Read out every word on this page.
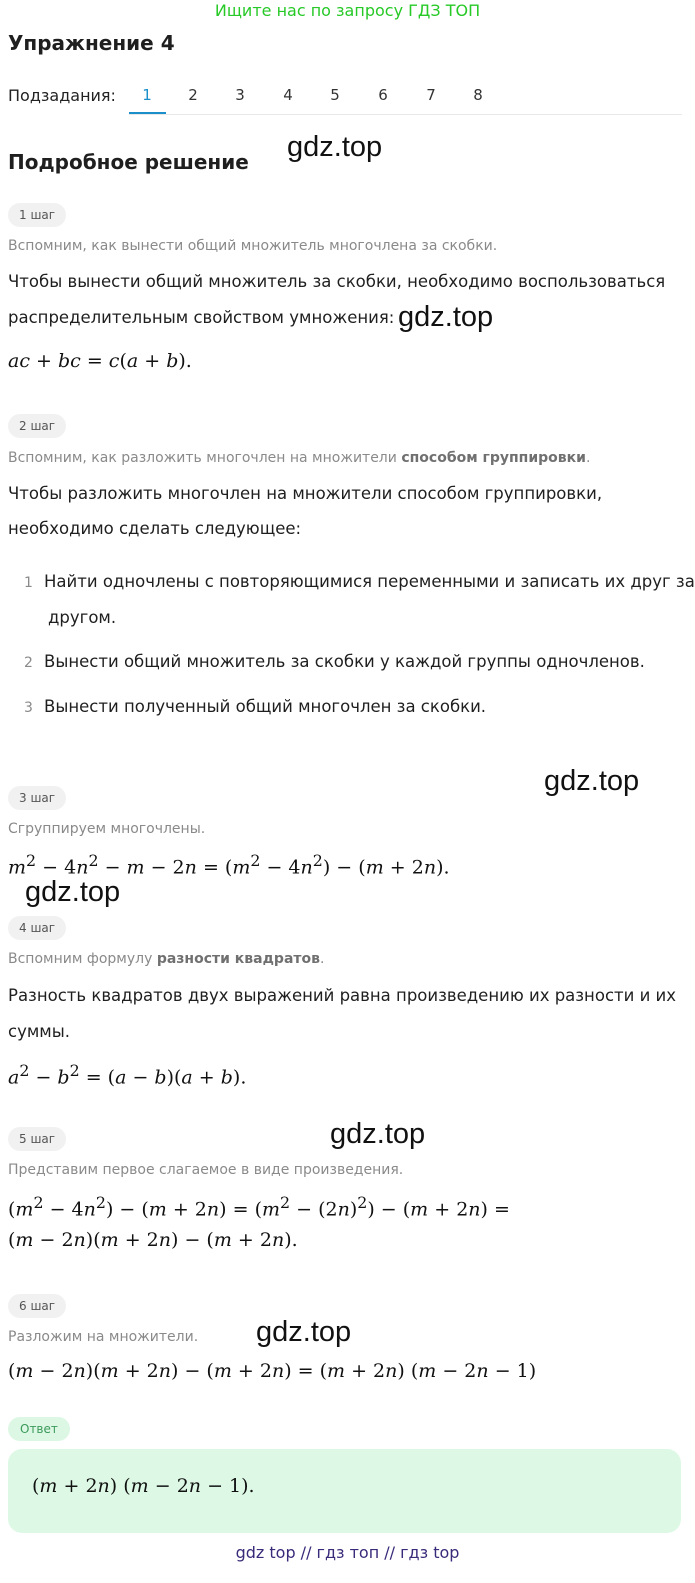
Ищите нас по запросу ГДЗ ТОП
Упражнение 4
Подзадания:	1	2	3	4	5	6	7	8
Подробное решение gdz.top
gdz.top
gdz.top
gdz.top
gdz.top
gdz.top
1 шаг
Вспомним, как вынести общий множитель многочлена за скобки.
Чтобы вынести общий множитель за скобки, необходимо воспользоваться
распределительным свойством умножения:
ac + bc = c(a + b).
2 шаг
Вспомним, как разложить многочлен на множители способом группировки.
Чтобы разложить многочлен на множители способом группировки,
необходимо сделать следующее:
1 Найти одночлены с повторяющимися переменными и записать их друг за
другом.
2 Вынести общий множитель за скобки у каждой группы одночленов.
3 Вынести полученный общий многочлен за скобки.
3 шаг
Сгруппируем многочлены.
$m^2 - 4n^2 - m - 2n = (m^2 - 4n^2) - (m + 2n)$.
4 шаг
Вспомним формулу разности квадратов.
Разность квадратов двух выражений равна произведению их разности и их
суммы.
$a^2 - b^2 = (a - b)(a + b)$.
5 шаг
Представим первое слагаемое в виде произведения.
$(m^2 - 4n^2) - (m + 2n) = (m^2 - (2n)^2) - (m + 2n)$ =
(m − 2n)(m + 2n) − (m + 2n).
6 шаг
Разложим на множители.
(m − 2n)(m + 2n) − (m + 2n) = (m + 2n) (m − 2n − 1)
Ответ
(m + 2n) (m − 2n − 1).
gdz top // гдз топ // гдз top
